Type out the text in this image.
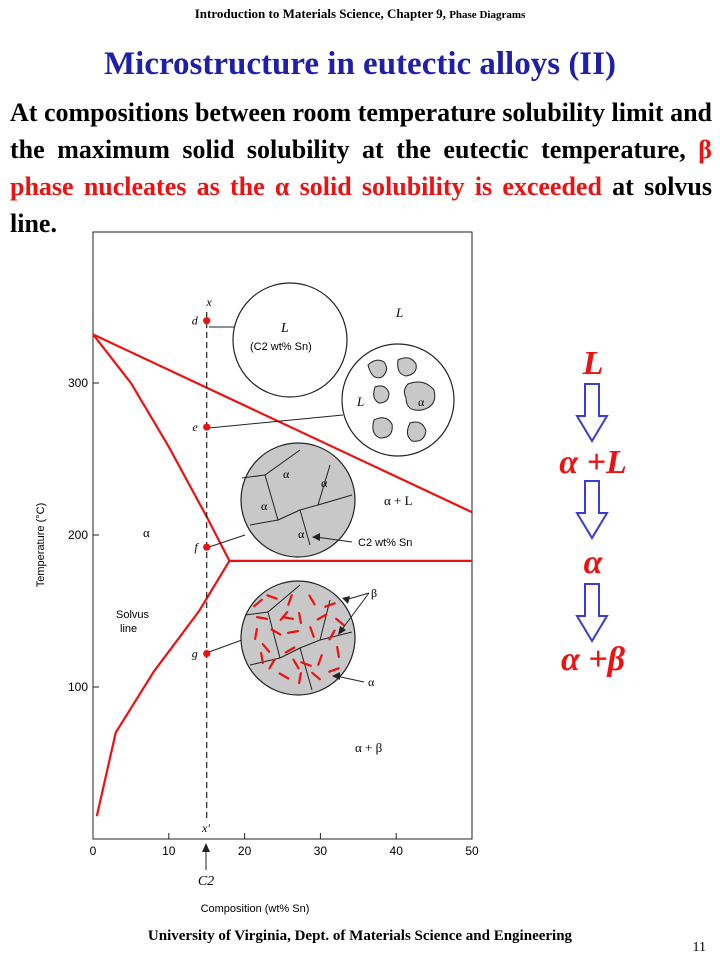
Introduction to Materials Science, Chapter 9, Phase Diagrams
Microstructure in eutectic alloys (II)
At compositions between room temperature solubility limit and the maximum solid solubility at the eutectic temperature, β phase nucleates as the α solid solubility is exceeded at solvus line.
0	10	20	30	40	50
100
200
300
Composition (wt% Sn)
Temperature (°C)
x
x′
C2
d
e
f
g
L
α + L
α
α + β
Solvus
line
L
(C2 wt% Sn)
L	α
α
α
α
α
C2 wt% Sn
β
α
L
α +L
α
α +β
University of Virginia, Dept. of Materials Science and Engineering
11
